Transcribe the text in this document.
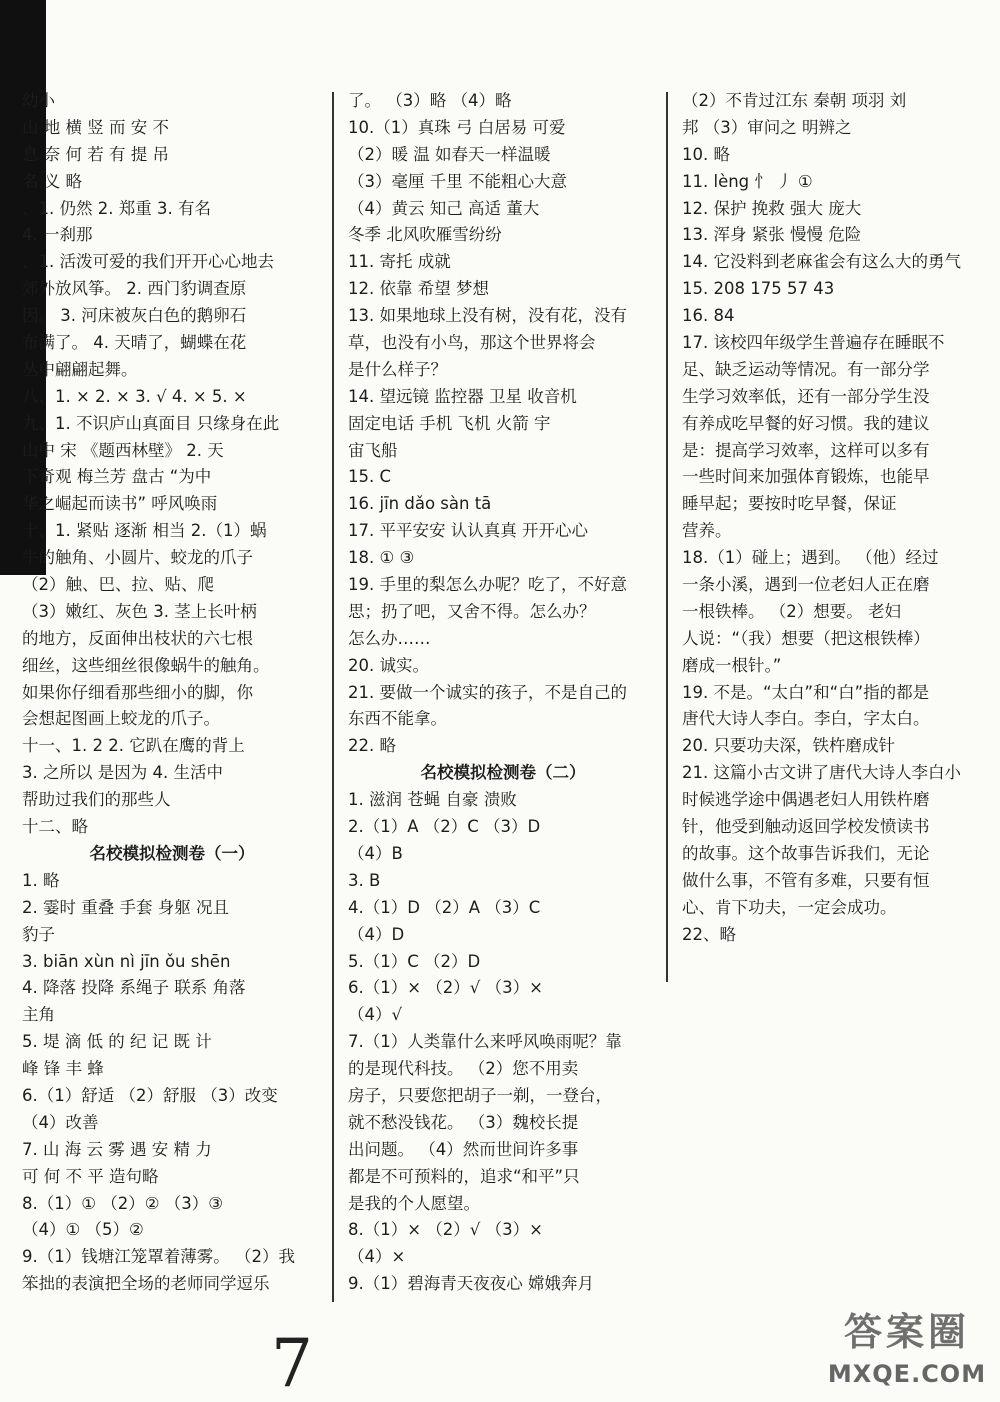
幼小
山 地 横 竖 而 安 不
息 奈 何 若 有 提 吊
名 义 略
、1. 仍然 2. 郑重 3. 有名
4. 一刹那
、1. 活泼可爱的我们开开心心地去
郊外放风筝。 2. 西门豹调查原
因。 3. 河床被灰白色的鹅卵石
布满了。 4. 天晴了，蝴蝶在花
丛中翩翩起舞。
八、1. × 2. × 3. √ 4. × 5. ×
九、1. 不识庐山真面目 只缘身在此
山中 宋 《题西林壁》 2. 天
下奇观 梅兰芳 盘古 “为中
华之崛起而读书” 呼风唤雨
十、1. 紧贴 逐渐 相当 2.（1）蜗
牛的触角、小圆片、蛟龙的爪子
（2）触、巴、拉、贴、爬
（3）嫩红、灰色 3. 茎上长叶柄
的地方，反面伸出枝状的六七根
细丝，这些细丝很像蜗牛的触角。
如果你仔细看那些细小的脚，你
会想起图画上蛟龙的爪子。
十一、1. 2 2. 它趴在鹰的背上
3. 之所以 是因为 4. 生活中
帮助过我们的那些人
十二、略
名校模拟检测卷（一）
1. 略
2. 霎时 重叠 手套 身躯 况且
豹子
3. biān xùn nì jīn ǒu shēn
4. 降落 投降 系绳子 联系 角落
主角
5. 堤 滴 低 的 纪 记 既 计
峰 锋 丰 蜂
6.（1）舒适 （2）舒服 （3）改变
（4）改善
7. 山 海 云 雾 遇 安 精 力
可 何 不 平 造句略
8.（1）① （2）② （3）③
（4）① （5）②
9.（1）钱塘江笼罩着薄雾。 （2）我
笨拙的表演把全场的老师同学逗乐
了。 （3）略 （4）略
10.（1）真珠 弓 白居易 可爱
（2）暖 温 如春天一样温暖
（3）毫厘 千里 不能粗心大意
（4）黄云 知己 高适 董大
冬季 北风吹雁雪纷纷
11. 寄托 成就
12. 依靠 希望 梦想
13. 如果地球上没有树，没有花，没有
草，也没有小鸟，那这个世界将会
是什么样子？
14. 望远镜 监控器 卫星 收音机
固定电话 手机 飞机 火箭 宇
宙飞船
15. C
16. jīn dǎo sàn tā
17. 平平安安 认认真真 开开心心
18. ① ③
19. 手里的梨怎么办呢？吃了，不好意
思；扔了吧，又舍不得。怎么办？
怎么办……
20. 诚实。
21. 要做一个诚实的孩子，不是自己的
东西不能拿。
22. 略
名校模拟检测卷（二）
1. 滋润 苍蝇 自豪 溃败
2.（1）A （2）C （3）D
（4）B
3. B
4.（1）D （2）A （3）C
（4）D
5.（1）C （2）D
6.（1）× （2）√ （3）×
（4）√
7.（1）人类靠什么来呼风唤雨呢？靠
的是现代科技。 （2）您不用卖
房子，只要您把胡子一剃，一登台，
就不愁没钱花。 （3）魏校长提
出问题。 （4）然而世间许多事
都是不可预料的，追求“和平”只
是我的个人愿望。
8.（1）× （2）√ （3）×
（4）×
9.（1）碧海青天夜夜心 嫦娥奔月
（2）不肯过江东 秦朝 项羽 刘
邦 （3）审问之 明辨之
10. 略
11. lèng 忄 丿 ①
12. 保护 挽救 强大 庞大
13. 浑身 紧张 慢慢 危险
14. 它没料到老麻雀会有这么大的勇气
15. 208 175 57 43
16. 84
17. 该校四年级学生普遍存在睡眠不
足、缺乏运动等情况。有一部分学
生学习效率低，还有一部分学生没
有养成吃早餐的好习惯。我的建议
是：提高学习效率，这样可以多有
一些时间来加强体育锻炼，也能早
睡早起；要按时吃早餐，保证
营养。
18.（1）碰上；遇到。 （他）经过
一条小溪，遇到一位老妇人正在磨
一根铁棒。 （2）想要。 老妇
人说：“（我）想要（把这根铁棒）
磨成一根针。”
19. 不是。“太白”和“白”指的都是
唐代大诗人李白。李白，字太白。
20. 只要功夫深，铁杵磨成针
21. 这篇小古文讲了唐代大诗人李白小
时候逃学途中偶遇老妇人用铁杵磨
针，他受到触动返回学校发愤读书
的故事。这个故事告诉我们，无论
做什么事，不管有多难，只要有恒
心、肯下功夫，一定会成功。
22、略
7	答案圈
MXQE.COM
